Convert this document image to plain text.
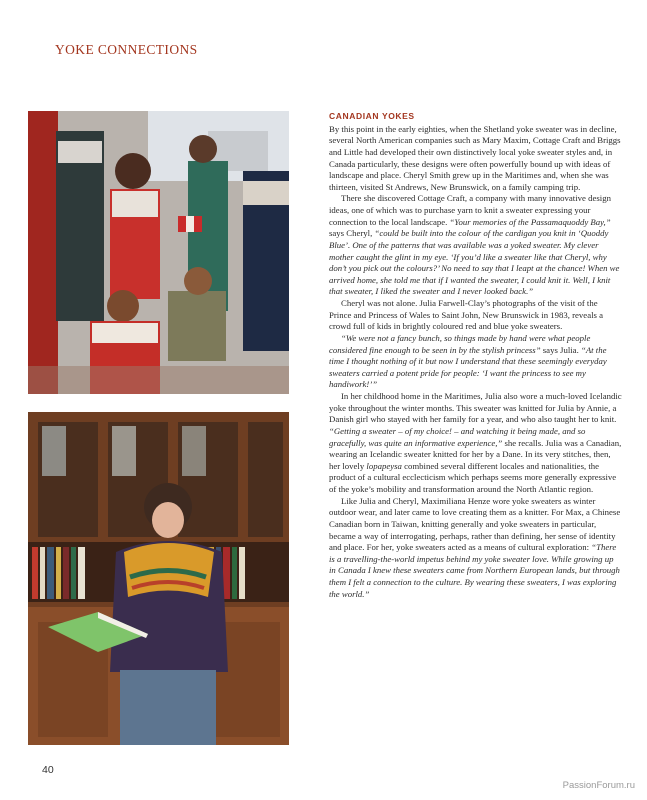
YOKE CONNECTIONS
CANADIAN YOKES

By this point in the early eighties, when the Shetland yoke sweater was in decline, several North American companies such as Mary Maxim, Cottage Craft and Briggs and Little had developed their own distinctively local yoke sweater styles and, in Canada particularly, these designs were often powerfully bound up with ideas of landscape and place. Cheryl Smith grew up in the Maritimes and, when she was thirteen, visited St Andrews, New Brunswick, on a family camping trip.

There she discovered Cottage Craft, a company with many innovative design ideas, one of which was to purchase yarn to knit a sweater expressing your connection to the local landscape. “Your memories of the Passamaquoddy Bay,” says Cheryl, “could be built into the colour of the cardigan you knit in ‘Quoddy Blue’. One of the patterns that was available was a yoked sweater. My clever mother caught the glint in my eye. ‘If you’d like a sweater like that Cheryl, why don’t you pick out the colours?’ No need to say that I leapt at the chance! When we arrived home, she told me that if I wanted the sweater, I could knit it. Well, I knit that sweater, I liked the sweater and I never looked back.”

Cheryl was not alone. Julia Farwell-Clay’s photographs of the visit of the Prince and Princess of Wales to Saint John, New Brunswick in 1983, reveals a crowd full of kids in brightly coloured red and blue yoke sweaters.

“We were not a fancy bunch, so things made by hand were what people considered fine enough to be seen in by the stylish princess” says Julia. “At the time I thought nothing of it but now I understand that these seemingly everyday sweaters carried a potent pride for people: ‘I want the princess to see my handiwork!’”

In her childhood home in the Maritimes, Julia also wore a much-loved Icelandic yoke throughout the winter months. This sweater was knitted for Julia by Annie, a Danish girl who stayed with her family for a year, and who also taught her to knit. “Getting a sweater – of my choice! – and watching it being made, and so gracefully, was quite an informative experience,” she recalls. Julia was a Canadian, wearing an Icelandic sweater knitted for her by a Dane. In its very stitches, then, her lovely lopapeysa combined several different locales and nationalities, the product of a cultural ecclecticism which perhaps seems more generally expressive of the yoke’s mobility and transformation around the North Atlantic region.

Like Julia and Cheryl, Maximiliana Henze wore yoke sweaters as winter outdoor wear, and later came to love creating them as a knitter. For Max, a Chinese Canadian born in Taiwan, knitting generally and yoke sweaters in particular, became a way of interrogating, perhaps, rather than defining, her sense of identity and place. For her, yoke sweaters acted as a means of cultural exploration: “There is a travelling-the-world impetus behind my yoke sweater love. While growing up in Canada I knew these sweaters came from Northern European lands, but through them I felt a connection to the culture. By wearing these sweaters, I was exploring the world.”

40
PassionForum.ru
